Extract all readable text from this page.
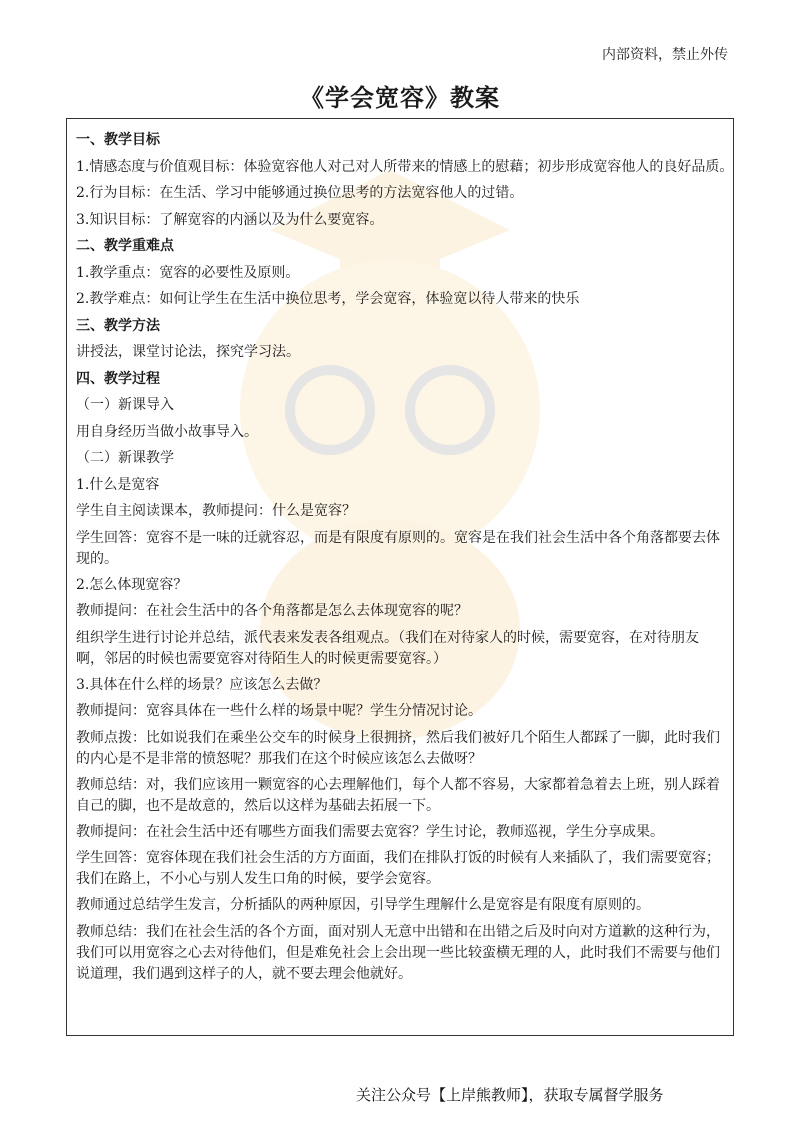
内部资料，禁止外传
《学会宽容》教案
一、教学目标
1.情感态度与价值观目标：体验宽容他人对己对人所带来的情感上的慰藉；初步形成宽容他人的良好品质。
2.行为目标：在生活、学习中能够通过换位思考的方法宽容他人的过错。
3.知识目标：了解宽容的内涵以及为什么要宽容。
二、教学重难点
1.教学重点：宽容的必要性及原则。
2.教学难点：如何让学生在生活中换位思考，学会宽容，体验宽以待人带来的快乐
三、教学方法
讲授法，课堂讨论法，探究学习法。
四、教学过程
（一）新课导入
用自身经历当做小故事导入。
（二）新课教学
1.什么是宽容
学生自主阅读课本，教师提问：什么是宽容？
学生回答：宽容不是一味的迁就容忍，而是有限度有原则的。宽容是在我们社会生活中各个角落都要去体现的。
2.怎么体现宽容？
教师提问：在社会生活中的各个角落都是怎么去体现宽容的呢？
组织学生进行讨论并总结，派代表来发表各组观点。（我们在对待家人的时候，需要宽容，在对待朋友啊，邻居的时候也需要宽容对待陌生人的时候更需要宽容。）
3.具体在什么样的场景？应该怎么去做？
教师提问：宽容具体在一些什么样的场景中呢？学生分情况讨论。
教师点拨：比如说我们在乘坐公交车的时候身上很拥挤，然后我们被好几个陌生人都踩了一脚，此时我们的内心是不是非常的愤怒呢？那我们在这个时候应该怎么去做呀？
教师总结：对，我们应该用一颗宽容的心去理解他们，每个人都不容易，大家都着急着去上班，别人踩着自己的脚，也不是故意的，然后以这样为基础去拓展一下。
教师提问：在社会生活中还有哪些方面我们需要去宽容？学生讨论，教师巡视，学生分享成果。
学生回答：宽容体现在我们社会生活的方方面面，我们在排队打饭的时候有人来插队了，我们需要宽容；我们在路上，不小心与别人发生口角的时候，要学会宽容。
教师通过总结学生发言，分析插队的两种原因，引导学生理解什么是宽容是有限度有原则的。
教师总结：我们在社会生活的各个方面，面对别人无意中出错和在出错之后及时向对方道歉的这种行为，我们可以用宽容之心去对待他们，但是难免社会上会出现一些比较蛮横无理的人，此时我们不需要与他们说道理，我们遇到这样子的人，就不要去理会他就好。
关注公众号【上岸熊教师】，获取专属督学服务
